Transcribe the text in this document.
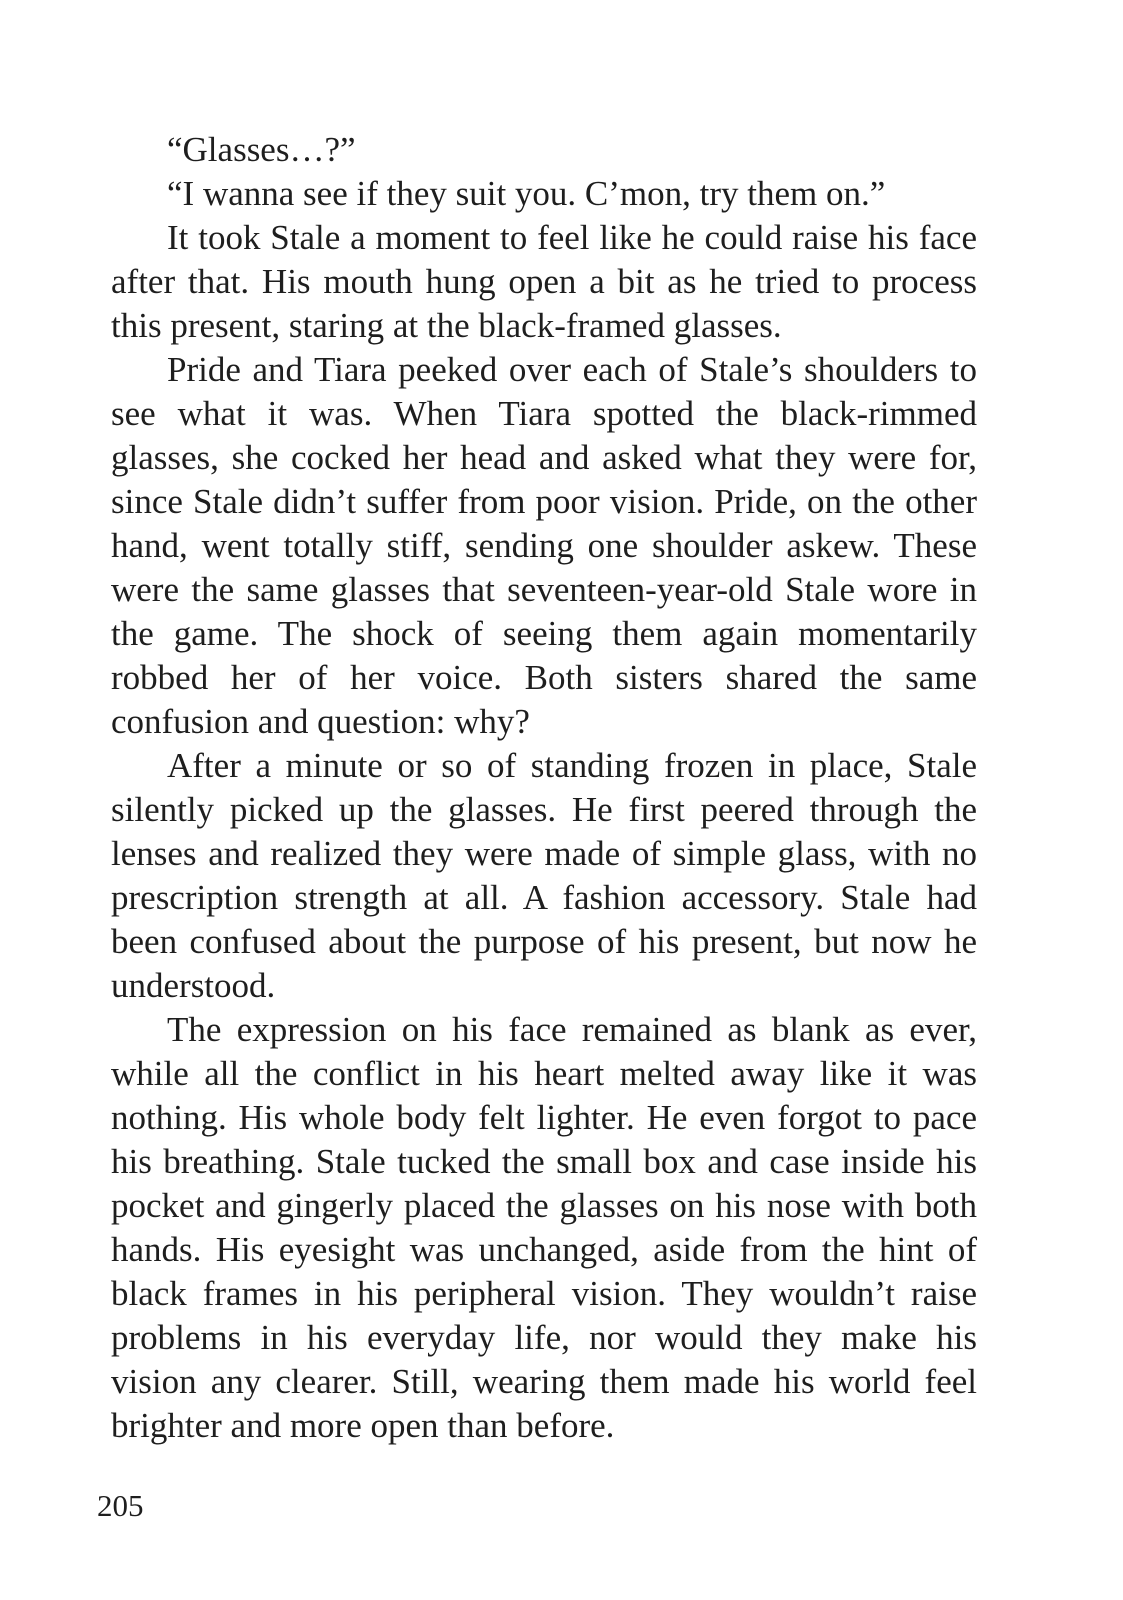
“Glasses…?”

“I wanna see if they suit you. C’mon, try them on.”

It took Stale a moment to feel like he could raise his face after that. His mouth hung open a bit as he tried to process this present, staring at the black-framed glasses.

Pride and Tiara peeked over each of Stale’s shoulders to see what it was. When Tiara spotted the black-rimmed glasses, she cocked her head and asked what they were for, since Stale didn’t suffer from poor vision. Pride, on the other hand, went totally stiff, sending one shoulder askew. These were the same glasses that seventeen-year-old Stale wore in the game. The shock of seeing them again momentarily robbed her of her voice. Both sisters shared the same confusion and question: why?

After a minute or so of standing frozen in place, Stale silently picked up the glasses. He first peered through the lenses and realized they were made of simple glass, with no prescription strength at all. A fashion accessory. Stale had been confused about the purpose of his present, but now he understood.

The expression on his face remained as blank as ever, while all the conflict in his heart melted away like it was nothing. His whole body felt lighter. He even forgot to pace his breathing. Stale tucked the small box and case inside his pocket and gingerly placed the glasses on his nose with both hands. His eyesight was unchanged, aside from the hint of black frames in his peripheral vision. They wouldn’t raise problems in his everyday life, nor would they make his vision any clearer. Still, wearing them made his world feel brighter and more open than before.

205
